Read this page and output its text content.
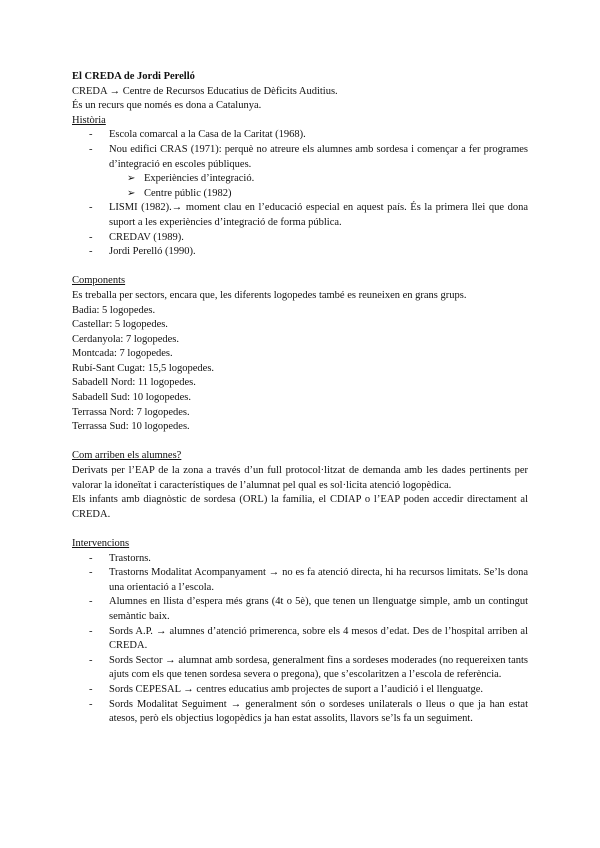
El CREDA de Jordi Perelló

CREDA → Centre de Recursos Educatius de Dèficits Auditius.

És un recurs que només es dona a Catalunya.

Història
- Escola comarcal a la Casa de la Caritat (1968).
- Nou edifici CRAS (1971): perquè no atreure els alumnes amb sordesa i començar a fer programes d’integració en escoles públiques.
➢ Experiències d’integració.
➢ Centre públic (1982)
- LISMI (1982).→ moment clau en l’educació especial en aquest país. És la primera llei que dona suport a les experiències d’integració de forma pública.
- CREDAV (1989).
- Jordi Perelló (1990).
Components

Es treballa per sectors, encara que, les diferents logopedes també es reuneixen en grans grups.

Badia: 5 logopedes.

Castellar: 5 logopedes.

Cerdanyola: 7 logopedes.

Montcada: 7 logopedes.

Rubí-Sant Cugat: 15,5 logopedes.

Sabadell Nord: 11 logopedes.

Sabadell Sud: 10 logopedes.

Terrassa Nord: 7 logopedes.

Terrassa Sud: 10 logopedes.

Com arriben els alumnes?

Derivats per l’EAP de la zona a través d’un full protocol·litzat de demanda amb les dades pertinents per valorar la idoneïtat i característiques de l’alumnat pel qual es sol·licita atenció logopèdica.

Els infants amb diagnòstic de sordesa (ORL) la família, el CDIAP o l’EAP poden accedir directament al CREDA.

Intervencions
- Trastorns.
- Trastorns Modalitat Acompanyament → no es fa atenció directa, hi ha recursos limitats. Se’ls dona una orientació a l’escola.
- Alumnes en llista d’espera més grans (4t o 5è), que tenen un llenguatge simple, amb un contingut semàntic baix.
- Sords A.P. → alumnes d’atenció primerenca, sobre els 4 mesos d’edat. Des de l’hospital arriben al CREDA.
- Sords Sector → alumnat amb sordesa, generalment fins a sordeses moderades (no requereixen tants ajuts com els que tenen sordesa severa o pregona), que s’escolaritzen a l’escola de referència.
- Sords CEPESAL → centres educatius amb projectes de suport a l’audició i el llenguatge.
- Sords Modalitat Seguiment → generalment són o sordeses unilaterals o lleus o que ja han estat atesos, però els objectius logopèdics ja han estat assolits, llavors se’ls fa un seguiment.
